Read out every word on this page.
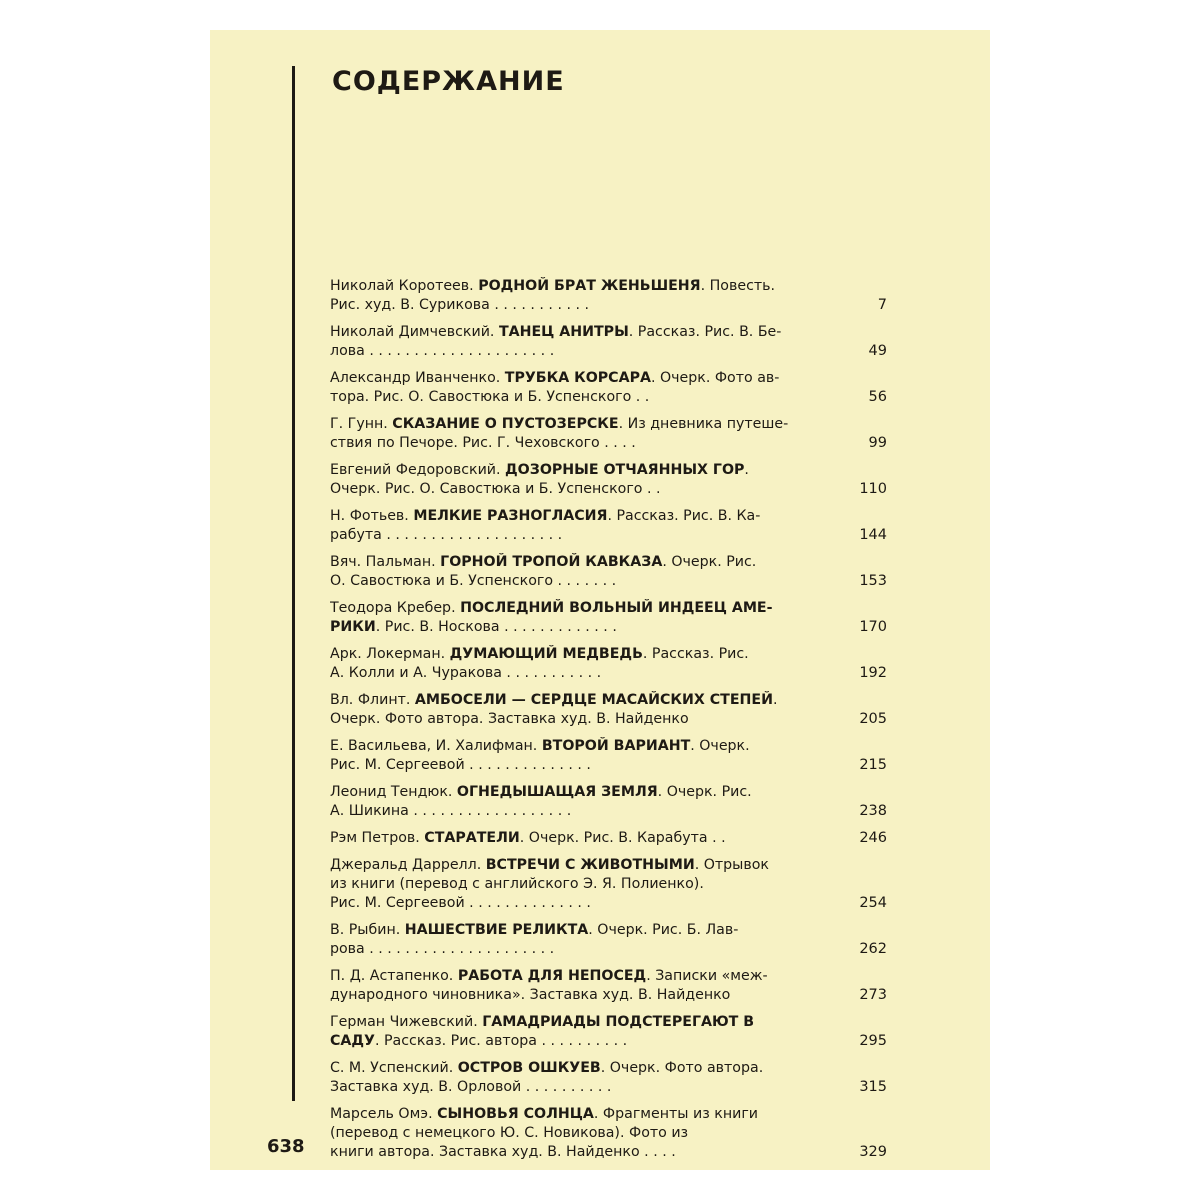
СОДЕРЖАНИЕ
Николай Коротеев. РОДНОЙ БРАТ ЖЕНЬШЕНЯ. Повесть.
Рис. худ. В. Сурикова . . . . . . . . . . .	7
Николай Димчевский. ТАНЕЦ АНИТРЫ. Рассказ. Рис. В. Бе-
лова . . . . . . . . . . . . . . . . . . . . .	49
Александр Иванченко. ТРУБКА КОРСАРА. Очерк. Фото ав-
тора. Рис. О. Савостюка и Б. Успенского . .	56
Г. Гунн. СКАЗАНИЕ О ПУСТОЗЕРСКЕ. Из дневника путеше-
ствия по Печоре. Рис. Г. Чеховского . . . .	99
Евгений Федоровский. ДОЗОРНЫЕ ОТЧАЯННЫХ ГОР.
Очерк. Рис. О. Савостюка и Б. Успенского . .	110
Н. Фотьев. МЕЛКИЕ РАЗНОГЛАСИЯ. Рассказ. Рис. В. Ка-
рабута . . . . . . . . . . . . . . . . . . . .	144
Вяч. Пальман. ГОРНОЙ ТРОПОЙ КАВКАЗА. Очерк. Рис.
О. Савостюка и Б. Успенского . . . . . . .	153
Теодора Кребер. ПОСЛЕДНИЙ ВОЛЬНЫЙ ИНДЕЕЦ АМЕ-
РИКИ. Рис. В. Носкова . . . . . . . . . . . . .	170
Арк. Локерман. ДУМАЮЩИЙ МЕДВЕДЬ. Рассказ. Рис.
А. Колли и А. Чуракова . . . . . . . . . . .	192
Вл. Флинт. АМБОСЕЛИ — СЕРДЦЕ МАСАЙСКИХ СТЕПЕЙ.
Очерк. Фото автора. Заставка худ. В. Найденко	205
Е. Васильева, И. Халифман. ВТОРОЙ ВАРИАНТ. Очерк.
Рис. М. Сергеевой . . . . . . . . . . . . . .	215
Леонид Тендюк. ОГНЕДЫШАЩАЯ ЗЕМЛЯ. Очерк. Рис.
А. Шикина . . . . . . . . . . . . . . . . . .	238
Рэм Петров. СТАРАТЕЛИ. Очерк. Рис. В. Карабута . .	246
Джеральд Даррелл. ВСТРЕЧИ С ЖИВОТНЫМИ. Отрывок
из книги (перевод с английского Э. Я. Полиенко).
Рис. М. Сергеевой . . . . . . . . . . . . . .	254
В. Рыбин. НАШЕСТВИЕ РЕЛИКТА. Очерк. Рис. Б. Лав-
рова . . . . . . . . . . . . . . . . . . . . .	262
П. Д. Астапенко. РАБОТА ДЛЯ НЕПОСЕД. Записки «меж-
дународного чиновника». Заставка худ. В. Найденко	273
Герман Чижевский. ГАМАДРИАДЫ ПОДСТЕРЕГАЮТ В
САДУ. Рассказ. Рис. автора . . . . . . . . . .	295
С. М. Успенский. ОСТРОВ ОШКУЕВ. Очерк. Фото автора.
Заставка худ. В. Орловой . . . . . . . . . .	315
Марсель Омэ. СЫНОВЬЯ СОЛНЦА. Фрагменты из книги
(перевод с немецкого Ю. С. Новикова). Фото из
книги автора. Заставка худ. В. Найденко . . . .	329
638
